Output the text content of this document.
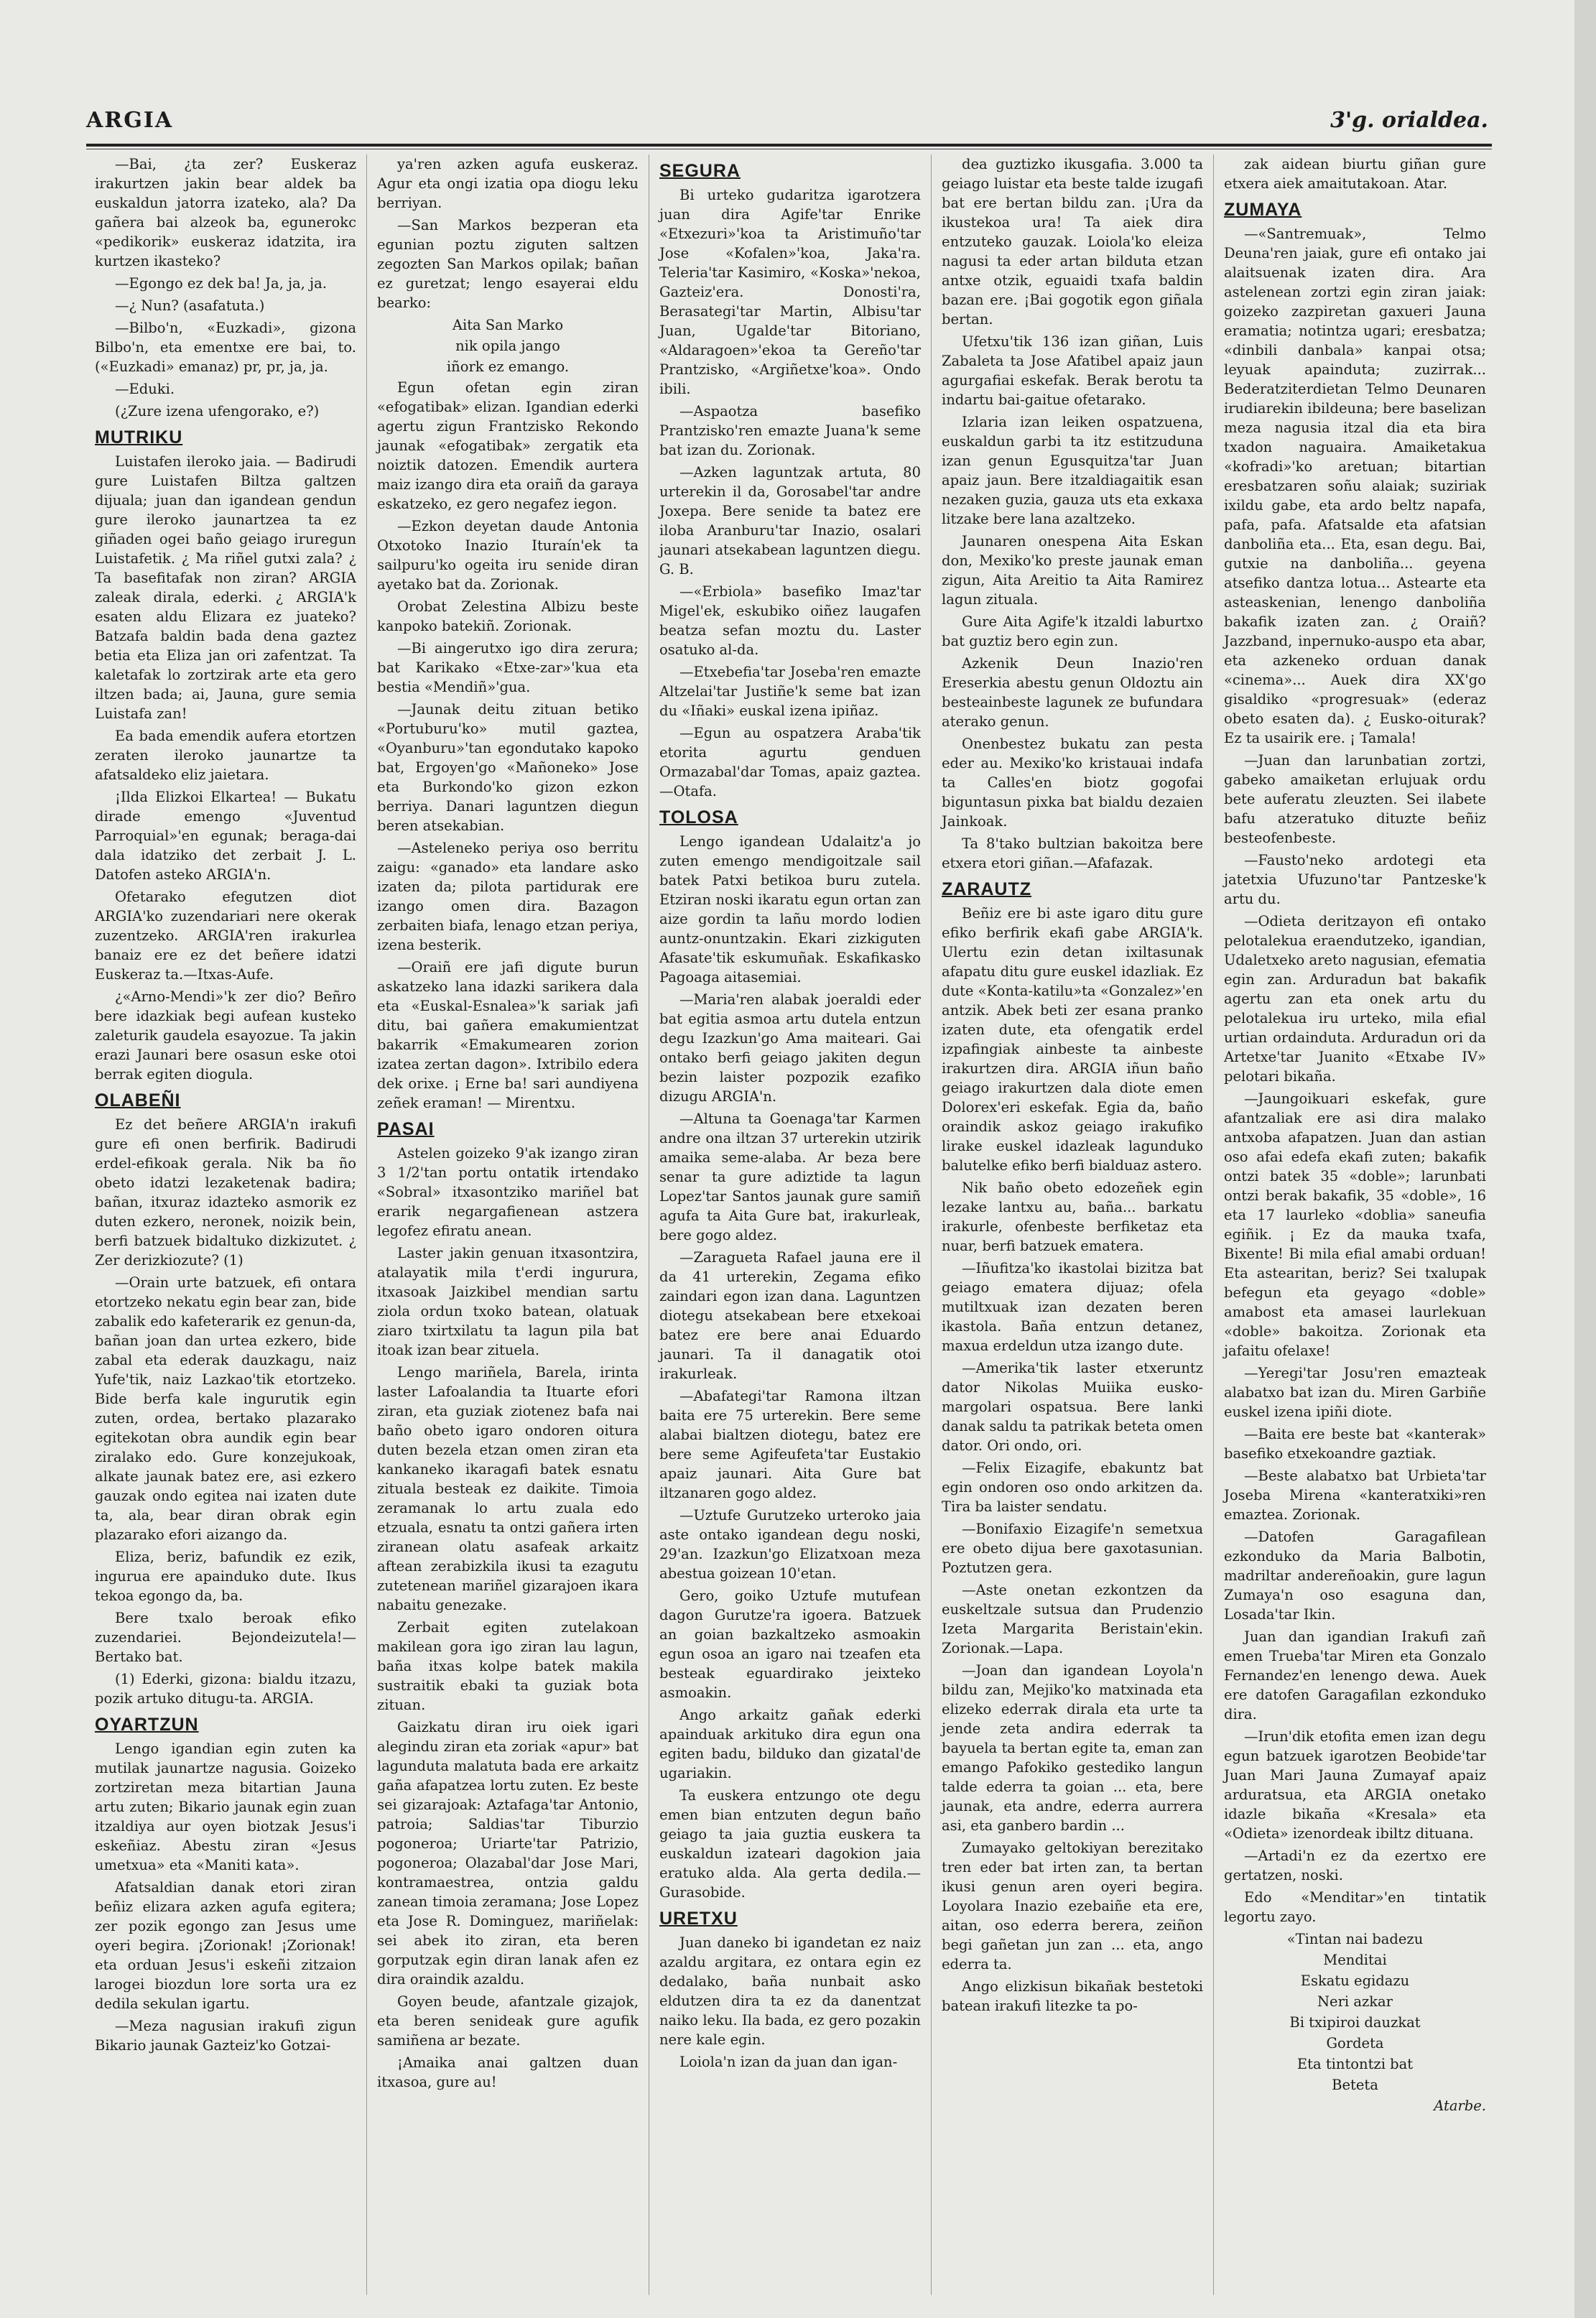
ARGIA	3'g. orialdea.

—Bai, ¿ta zer? Euskeraz irakurtzen jakin bear aldek ba euskaldun jatorra izateko, ala? Da gañera bai alzeok ba, egunerokc «pedikorik» euskeraz idatzita, ira kurtzen ikasteko?

—Egongo ez dek ba! Ja, ja, ja.

—¿ Nun? (asafatuta.)

—Bilbo'n, «Euzkadi», gizona Bilbo'n, eta ementxe ere bai, to. («Euzkadi» emanaz) pr, pr, ja, ja.

—Eduki.

(¿Zure izena ufengorako, e?)

MUTRIKU

Luistafen ileroko jaia. — Badirudi gure Luistafen Biltza galtzen dijuala; juan dan igandean gendun gure ileroko jaunartzea ta ez giñaden ogei baño geiago iruregun Luistafetik. ¿ Ma riñel gutxi zala? ¿ Ta basefitafak non ziran? ARGIA zaleak dirala, ederki. ¿ ARGIA'k esaten aldu Elizara ez juateko? Batzafa baldin bada dena gaztez betia eta Eliza jan ori zafentzat. Ta kaletafak lo zortzirak arte eta gero iltzen bada; ai, Jauna, gure semia Luistafa zan!

Ea bada emendik aufera etortzen zeraten ileroko jaunartze ta afatsaldeko eliz jaietara.

¡Ilda Elizkoi Elkartea! — Bukatu dirade emengo «Juventud Parroquial»'en egunak; beraga-dai dala idatziko det zerbait J. L. Datofen asteko ARGIA'n.

Ofetarako efegutzen diot ARGIA'ko zuzendariari nere okerak zuzentzeko. ARGIA'ren irakurlea banaiz ere ez det beñere idatzi Euskeraz ta.—Itxas-Aufe.

¿«Arno-Mendi»'k zer dio? Beñro bere idazkiak begi aufean kusteko zaleturik gaudela esayozue. Ta jakin erazi Jaunari bere osasun eske otoi berrak egiten diogula.

OLABEÑI

Ez det beñere ARGIA'n irakufi gure efi onen berfirik. Badirudi erdel-efikoak gerala. Nik ba ño obeto idatzi lezaketenak badira; bañan, itxuraz idazteko asmorik ez duten ezkero, neronek, noizik bein, berfi batzuek bidaltuko dizkizutet. ¿ Zer derizkiozute? (1)

—Orain urte batzuek, efi ontara etortzeko nekatu egin bear zan, bide zabalik edo kafeterarik ez genun-da, bañan joan dan urtea ezkero, bide zabal eta ederak dauzkagu, naiz Yufe'tik, naiz Lazkao'tik etortzeko. Bide berfa kale ingurutik egin zuten, ordea, bertako plazarako egitekotan obra aundik egin bear ziralako edo. Gure konzejukoak, alkate jaunak batez ere, asi ezkero gauzak ondo egitea nai izaten dute ta, ala, bear diran obrak egin plazarako efori aizango da.

Eliza, beriz, bafundik ez ezik, ingurua ere apainduko dute. Ikus tekoa egongo da, ba.

Bere txalo beroak efiko zuzendariei. Bejondeizutela!—Bertako bat.

(1) Ederki, gizona: bialdu itzazu, pozik artuko ditugu-ta. ARGIA.

OYARTZUN

Lengo igandian egin zuten ka mutilak jaunartze nagusia. Goizeko zortziretan meza bitartian Jauna artu zuten; Bikario jaunak egin zuan itzaldiya aur oyen biotzak Jesus'i eskeñiaz. Abestu ziran «Jesus umetxua» eta «Maniti kata».

Afatsaldian danak etori ziran beñiz elizara azken agufa egitera; zer pozik egongo zan Jesus ume oyeri begira. ¡Zorionak! ¡Zorionak! eta orduan Jesus'i eskeñi zitzaion larogei biozdun lore sorta ura ez dedila sekulan igartu.

—Meza nagusian irakufi zigun Bikario jaunak Gazteiz'ko Gotzai-

ya'ren azken agufa euskeraz. Agur eta ongi izatia opa diogu leku berriyan.

—San Markos bezperan eta egunian poztu ziguten saltzen zegozten San Markos opilak; bañan ez guretzat; lengo esayerai eldu bearko:

Aita San Marko
nik opila jango
iñork ez emango.

Egun ofetan egin ziran «efogatibak» elizan. Igandian ederki agertu zigun Frantzisko Rekondo jaunak «efogatibak» zergatik eta noiztik datozen. Emendik aurtera maiz izango dira eta oraiñ da garaya eskatzeko, ez gero negafez iegon.

—Ezkon deyetan daude Antonia Otxotoko Inazio Ituraín'ek ta sailpuru'ko ogeita iru senide diran ayetako bat da. Zorionak.

Orobat Zelestina Albizu beste kanpoko batekiñ. Zorionak.

—Bi aingerutxo igo dira zerura; bat Karikako «Etxe-zar»'kua eta bestia «Mendiñ»'gua.

—Jaunak deitu zituan betiko «Portuburu'ko» mutil gaztea, «Oyanburu»'tan egondutako kapoko bat, Ergoyen'go «Mañoneko» Jose eta Burkondo'ko gizon ezkon berriya. Danari laguntzen diegun beren atsekabian.

—Asteleneko periya oso berritu zaigu: «ganado» eta landare asko izaten da; pilota partidurak ere izango omen dira. Bazagon zerbaiten biafa, lenago etzan periya, izena besterik.

—Oraiñ ere jafi digute burun askatzeko lana idazki sarikera dala eta «Euskal-Esnalea»'k sariak jafi ditu, bai gañera emakumientzat bakarrik «Emakumearen zorion izatea zertan dagon». Ixtribilo edera dek orixe. ¡ Erne ba! sari aundiyena zeñek eraman! — Mirentxu.

PASAI

Astelen goizeko 9'ak izango ziran 3 1/2'tan portu ontatik irtendako «Sobral» itxasontziko mariñel bat erarik negargafienean astzera legofez efiratu anean.

Laster jakin genuan itxasontzira, atalayatik mila t'erdi ingurura, itxasoak Jaizkibel mendian sartu ziola ordun txoko batean, olatuak ziaro txirtxilatu ta lagun pila bat itoak izan bear zituela.

Lengo mariñela, Barela, irinta laster Lafoalandia ta Ituarte efori ziran, eta guziak ziotenez bafa nai baño obeto igaro ondoren oitura duten bezela etzan omen ziran eta kankaneko ikaragafi batek esnatu zituala besteak ez daikite. Timoia zeramanak lo artu zuala edo etzuala, esnatu ta ontzi gañera irten ziranean olatu asafeak arkaitz aftean zerabizkila ikusi ta ezagutu zutetenean mariñel gizarajoen ikara nabaitu genezake.

Zerbait egiten zutelakoan makilean gora igo ziran lau lagun, baña itxas kolpe batek makila sustraitik ebaki ta guziak bota zituan.

Gaizkatu diran iru oiek igari alegindu ziran eta zoriak «apur» bat lagunduta malatuta bada ere arkaitz gaña afapatzea lortu zuten. Ez beste sei gizarajoak: Aztafaga'tar Antonio, patroia; Saldias'tar Tiburzio pogoneroa; Uriarte'tar Patrizio, pogoneroa; Olazabal'dar Jose Mari, kontramaestrea, ontzia galdu zanean timoia zeramana; Jose Lopez eta Jose R. Dominguez, mariñelak: sei abek ito ziran, eta beren gorputzak egin diran lanak afen ez dira oraindik azaldu.

Goyen beude, afantzale gizajok, eta beren senideak gure agufik samiñena ar bezate.

¡Amaika anai galtzen duan itxasoa, gure au!

SEGURA

Bi urteko gudaritza igarotzera juan dira Agife'tar Enrike «Etxezuri»'koa ta Aristimuño'tar Jose «Kofalen»'koa, Jaka'ra. Teleria'tar Kasimiro, «Koska»'nekoa, Gazteiz'era. Donosti'ra, Berasategi'tar Martin, Albisu'tar Juan, Ugalde'tar Bitoriano, «Aldaragoen»'ekoa ta Gereño'tar Prantzisko, «Argiñetxe'koa». Ondo ibili.

—Aspaotza basefiko Prantzisko'ren emazte Juana'k seme bat izan du. Zorionak.

—Azken laguntzak artuta, 80 urterekin il da, Gorosabel'tar andre Joxepa. Bere senide ta batez ere iloba Aranburu'tar Inazio, osalari jaunari atsekabean laguntzen diegu. G. B.

—«Erbiola» basefiko Imaz'tar Migel'ek, eskubiko oiñez laugafen beatza sefan moztu du. Laster osatuko al-da.

—Etxebefia'tar Joseba'ren emazte Altzelai'tar Justiñe'k seme bat izan du «Iñaki» euskal izena ipiñaz.

—Egun au ospatzera Araba'tik etorita agurtu genduen Ormazabal'dar Tomas, apaiz gaztea.—Otafa.

TOLOSA

Lengo igandean Udalaitz'a jo zuten emengo mendigoitzale sail batek Patxi betikoa buru zutela. Etziran noski ikaratu egun ortan zan aize gordin ta lañu mordo lodien auntz-onuntzakin. Ekari zizkiguten Afasate'tik eskumuñak. Eskafikasko Pagoaga aitasemiai.

—Maria'ren alabak joeraldi eder bat egitia asmoa artu dutela entzun degu Izazkun'go Ama maiteari. Gai ontako berfi geiago jakiten degun bezin laister pozpozik ezafiko dizugu ARGIA'n.

—Altuna ta Goenaga'tar Karmen andre ona iltzan 37 urterekin utzirik amaika seme-alaba. Ar beza bere senar ta gure adiztide ta lagun Lopez'tar Santos jaunak gure samiñ agufa ta Aita Gure bat, irakurleak, bere gogo aldez.

—Zaragueta Rafael jauna ere il da 41 urterekin, Zegama efiko zaindari egon izan dana. Laguntzen diotegu atsekabean bere etxekoai batez ere bere anai Eduardo jaunari. Ta il danagatik otoi irakurleak.

—Abafategi'tar Ramona iltzan baita ere 75 urterekin. Bere seme alabai bialtzen diotegu, batez ere bere seme Agifeufeta'tar Eustakio apaiz jaunari. Aita Gure bat iltzanaren gogo aldez.

—Uztufe Gurutzeko urteroko jaia aste ontako igandean degu noski, 29'an. Izazkun'go Elizatxoan meza abestua goizean 10'etan.

Gero, goiko Uztufe mutufean dagon Gurutze'ra igoera. Batzuek an goian bazkaltzeko asmoakin egun osoa an igaro nai tzeafen eta besteak eguardirako jeixteko asmoakin.

Ango arkaitz gañak ederki apainduak arkituko dira egun ona egiten badu, bilduko dan gizatal'de ugariakin.

Ta euskera entzungo ote degu emen bian entzuten degun baño geiago ta jaia guztia euskera ta euskaldun izateari dagokion jaia eratuko alda. Ala gerta dedila.—Gurasobide.

URETXU

Juan daneko bi igandetan ez naiz azaldu argitara, ez ontara egin ez dedalako, baña nunbait asko eldutzen dira ta ez da danentzat naiko leku. Ila bada, ez gero pozakin nere kale egin.

Loiola'n izan da juan dan igan-

dea guztizko ikusgafia. 3.000 ta geiago luistar eta beste talde izugafi bat ere bertan bildu zan. ¡Ura da ikustekoa ura! Ta aiek dira entzuteko gauzak. Loiola'ko eleiza nagusi ta eder artan bilduta etzan antxe otzik, eguaidi txafa baldin bazan ere. ¡Bai gogotik egon giñala bertan.

Ufetxu'tik 136 izan giñan, Luis Zabaleta ta Jose Afatibel apaiz jaun agurgafiai eskefak. Berak berotu ta indartu bai-gaitue ofetarako.

Izlaria izan leiken ospatzuena, euskaldun garbi ta itz estitzuduna izan genun Egusquitza'tar Juan apaiz jaun. Bere itzaldiagaitik esan nezaken guzia, gauza uts eta exkaxa litzake bere lana azaltzeko.

Jaunaren onespena Aita Eskan don, Mexiko'ko preste jaunak eman zigun, Aita Areitio ta Aita Ramirez lagun zituala.

Gure Aita Agife'k itzaldi laburtxo bat guztiz bero egin zun.

Azkenik Deun Inazio'ren Ereserkia abestu genun Oldoztu ain besteainbeste lagunek ze bufundara aterako genun.

Onenbestez bukatu zan pesta eder au. Mexiko'ko kristauai indafa ta Calles'en biotz gogofai biguntasun pixka bat bialdu dezaien Jainkoak.

Ta 8'tako bultzian bakoitza bere etxera etori giñan.—Afafazak.

ZARAUTZ

Beñiz ere bi aste igaro ditu gure efiko berfirik ekafi gabe ARGIA'k. Ulertu ezin detan ixiltasunak afapatu ditu gure euskel idazliak. Ez dute «Konta-katilu»ta «Gonzalez»'en antzik. Abek beti zer esana pranko izaten dute, eta ofengatik erdel izpafingiak ainbeste ta ainbeste irakurtzen dira. ARGIA iñun baño geiago irakurtzen dala diote emen Dolorex'eri eskefak. Egia da, baño oraindik askoz geiago irakufiko lirake euskel idazleak lagunduko balutelke efiko berfi bialduaz astero.

Nik baño obeto edozeñek egin lezake lantxu au, baña... barkatu irakurle, ofenbeste berfiketaz eta nuar, berfi batzuek ematera.

—Iñufitza'ko ikastolai bizitza bat geiago ematera dijuaz; ofela mutiltxuak izan dezaten beren ikastola. Baña entzun detanez, maxua erdeldun utza izango dute.

—Amerika'tik laster etxeruntz dator Nikolas Muiika eusko-margolari ospatsua. Bere lanki danak saldu ta patrikak beteta omen dator. Ori ondo, ori.

—Felix Eizagife, ebakuntz bat egin ondoren oso ondo arkitzen da. Tira ba laister sendatu.

—Bonifaxio Eizagife'n semetxua ere obeto dijua bere gaxotasunian. Poztutzen gera.

—Aste onetan ezkontzen da euskeltzale sutsua dan Prudenzio Izeta Margarita Beristain'ekin. Zorionak.—Lapa.

—Joan dan igandean Loyola'n bildu zan, Mejiko'ko matxinada eta elizeko ederrak dirala eta urte ta jende zeta andira ederrak ta bayuela ta bertan egite ta, eman zan emango Pafokiko gestediko langun talde ederra ta goian ... eta, bere jaunak, eta andre, ederra aurrera asi, eta ganbero bardin ...

Zumayako geltokiyan berezitako tren eder bat irten zan, ta bertan ikusi genun aren oyeri begira. Loyolara Inazio ezebaiñe eta ere, aitan, oso ederra berera, zeiñon begi gañetan jun zan ... eta, ango ederra ta.

Ango elizkisun bikañak bestetoki batean irakufi litezke ta po-

zak aidean biurtu giñan gure etxera aiek amaitutakoan. Atar.

ZUMAYA

—«Santremuak», Telmo Deuna'ren jaiak, gure efi ontako jai alaitsuenak izaten dira. Ara astelenean zortzi egin ziran jaiak: goizeko zazpiretan gaxueri Jauna eramatia; notintza ugari; eresbatza; «dinbili danbala» kanpai otsa; leyuak apainduta; zuzirrak... Bederatziterdietan Telmo Deunaren irudiarekin ibildeuna; bere baselizan meza nagusia itzal dia eta bira txadon naguaira. Amaiketakua «kofradi»'ko aretuan; bitartian eresbatzaren soñu alaiak; suziriak ixildu gabe, eta ardo beltz napafa, pafa, pafa. Afatsalde eta afatsian danboliña eta... Eta, esan degu. Bai, gutxie na danboliña... geyena atsefiko dantza lotua... Astearte eta asteaskenian, lenengo danboliña bakafik izaten zan. ¿ Oraiñ? Jazzband, inpernuko-auspo eta abar, eta azkeneko orduan danak «cinema»... Auek dira XX'go gisaldiko «progresuak» (ederaz obeto esaten da). ¿ Eusko-oiturak? Ez ta usairik ere. ¡ Tamala!

—Juan dan larunbatian zortzi, gabeko amaiketan erlujuak ordu bete auferatu zleuzten. Sei ilabete bafu atzeratuko dituzte beñiz besteofenbeste.

—Fausto'neko ardotegi eta jatetxia Ufuzuno'tar Pantzeske'k artu du.

—Odieta deritzayon efi ontako pelotalekua eraendutzeko, igandian, Udaletxeko areto nagusian, efematia egin zan. Arduradun bat bakafik agertu zan eta onek artu du pelotalekua iru urteko, mila efial urtian ordainduta. Arduradun ori da Artetxe'tar Juanito «Etxabe IV» pelotari bikaña.

—Jaungoikuari eskefak, gure afantzaliak ere asi dira malako antxoba afapatzen. Juan dan astian oso afai edefa ekafi zuten; bakafik ontzi batek 35 «doble»; larunbati ontzi berak bakafik, 35 «doble», 16 eta 17 laurleko «doblia» saneufia egiñik. ¡ Ez da mauka txafa, Bixente! Bi mila efial amabi orduan! Eta astearitan, beriz? Sei txalupak befegun eta geyago «doble» amabost eta amasei laurlekuan «doble» bakoitza. Zorionak eta jafaitu ofelaxe!

—Yeregi'tar Josu'ren emazteak alabatxo bat izan du. Miren Garbiñe euskel izena ipiñi diote.

—Baita ere beste bat «kanterak» basefiko etxekoandre gaztiak.

—Beste alabatxo bat Urbieta'tar Joseba Mirena «kanteratxiki»ren emaztea. Zorionak.

—Datofen Garagafilean ezkonduko da Maria Balbotin, madriltar andereñoakin, gure lagun Zumaya'n oso esaguna dan, Losada'tar Ikin.

Juan dan igandian Irakufi zañ emen Trueba'tar Miren eta Gonzalo Fernandez'en lenengo dewa. Auek ere datofen Garagafilan ezkonduko dira.

—Irun'dik etofita emen izan degu egun batzuek igarotzen Beobide'tar Juan Mari Jauna Zumayaf apaiz arduratsua, eta ARGIA onetako idazle bikaña «Kresala» eta «Odieta» izenordeak ibiltz dituana.

—Artadi'n ez da ezertxo ere gertatzen, noski.

Edo «Menditar»'en tintatik legortu zayo.

«Tintan nai badezu
Menditai
Eskatu egidazu
Neri azkar
Bi txipiroi dauzkat
Gordeta
Eta tintontzi bat
Beteta
Atarbe.
